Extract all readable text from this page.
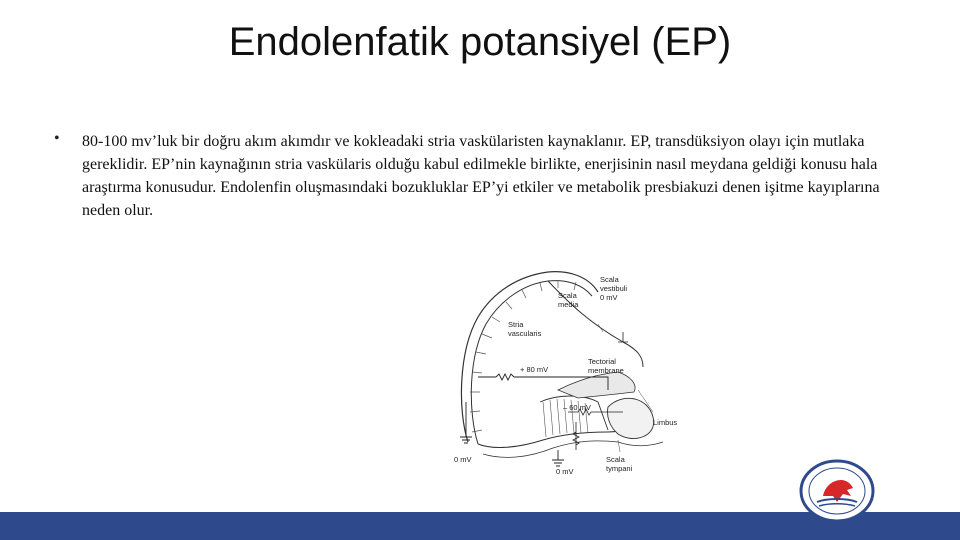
Endolenfatik potansiyel (EP)
• 80-100 mv’luk bir doğru akım akımdır ve kokleadaki stria vaskülaristen kaynaklanır. EP, transdüksiyon olayı için mutlaka gereklidir. EP’nin kaynağının stria vaskülaris olduğu kabul edilmekle birlikte, enerjisinin nasıl meydana geldiği konusu hala araştırma konusudur. Endolenfin oluşmasındaki bozukluklar EP’yi etkiler ve metabolik presbiakuzi denen işitme kayıplarına neden olur.
Scala
media
Scala
vestibuli
0 mV
Stria
vascularis
+ 80 mV
Tectorial
membrane
– 60 mV
Limbus
0 mV
0 mV
Scala
tympani
